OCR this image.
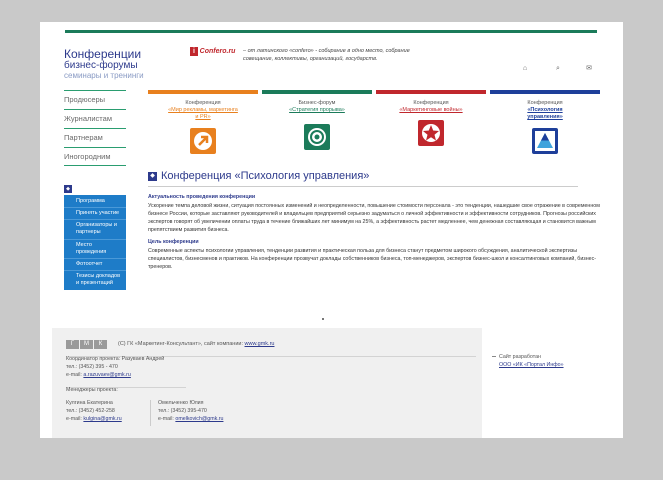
Конференции
бизнес-форумы
семинары и тренинги
i Confero.ru	– от латинского «confero» - собирание в одно место, собрание совещание, коллективы, организаций, государств.
⌂	⌕	✉
Продюсеры
Журналистам
Партнерам
Иногородним
Конференция
«Мир рекламы, маркетинга и PR»
Бизнес-форум
«Стратегия прорыва»
Конференция
«Маркетинговые войны»
Конференция
«Психология управления»
◆ Конференция «Психология управления»
◆
Программа
Принять участие
Организаторы и партнеры
Место проведения
Фотоотчет
Тезисы докладов и презентаций
Актуальность проведения конференции

Ускорение темпа деловой жизни, ситуация постоянных изменений и неопределенности, повышение стоимости персонала - это тенденции, нашедшие свое отражение в современном бизнесе России, которые заставляют руководителей и владельцев предприятий серьезно задуматься о личной эффективности и эффективности сотрудников. Прогнозы российских экспертов говорят об увеличении оплаты труда в течение ближайших лет минимум на 25%, а эффективность растет медленнее, чем денежная составляющая и становится важным препятствием развития бизнеса.

Цель конференции

Современные аспекты психологии управления, тенденции развития и практическая польза для бизнеса станут предметом широкого обсуждения, аналитической экспертизы специалистов, бизнесменов и практиков. На конференции прозвучат доклады собственников бизнеса, топ-менеджеров, экспертов бизнес-школ и консалтинговых компаний, бизнес-тренеров.

Г М К	(С) ГК «Маркетинг-Консультант», сайт компании: www.gmk.ru
Координатор проекта: Разуваев Андрей
тел.: (3452) 395 - 470
e-mail: a.razuvaev@gmk.ru
Менеджеры проекта:
Кулгина Екатерина
тел.: (3452) 452-258
e-mail: kulgina@gmk.ru
Омельченко Юлия
тел.: (3452) 395-470
e-mail: omelkovich@gmk.ru
Сайт разработан
ООО «ИК «Портал Инфо»
